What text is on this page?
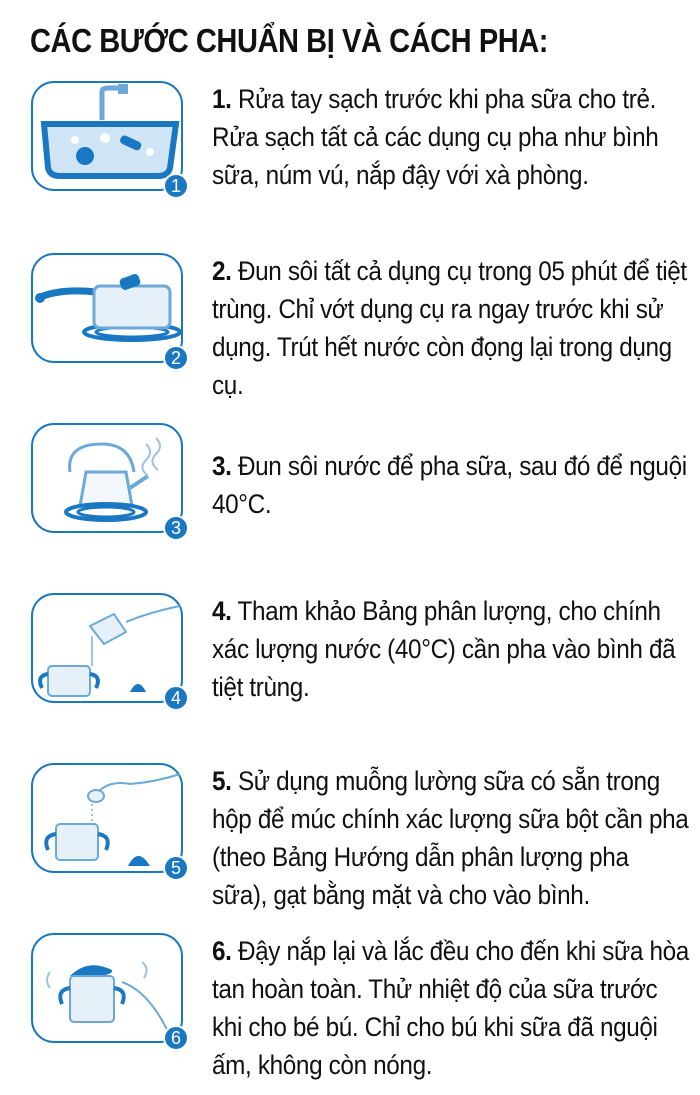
CÁC BƯỚC CHUẨN BỊ VÀ CÁCH PHA:
1
1. Rửa tay sạch trước khi pha sữa cho trẻ. Rửa sạch tất cả các dụng cụ pha như bình sữa, núm vú, nắp đậy với xà phòng.
2
2. Đun sôi tất cả dụng cụ trong 05 phút để tiệt trùng. Chỉ vớt dụng cụ ra ngay trước khi sử dụng. Trút hết nước còn đọng lại trong dụng cụ.
3
3. Đun sôi nước để pha sữa, sau đó để nguội 40°C.
4
4. Tham khảo Bảng phân lượng, cho chính xác lượng nước (40°C) cần pha vào bình đã tiệt trùng.
5
5. Sử dụng muỗng lường sữa có sẵn trong hộp để múc chính xác lượng sữa bột cần pha (theo Bảng Hướng dẫn phân lượng pha sữa), gạt bằng mặt và cho vào bình.
6
6. Đậy nắp lại và lắc đều cho đến khi sữa hòa tan hoàn toàn. Thử nhiệt độ của sữa trước khi cho bé bú. Chỉ cho bú khi sữa đã nguội ấm, không còn nóng.
